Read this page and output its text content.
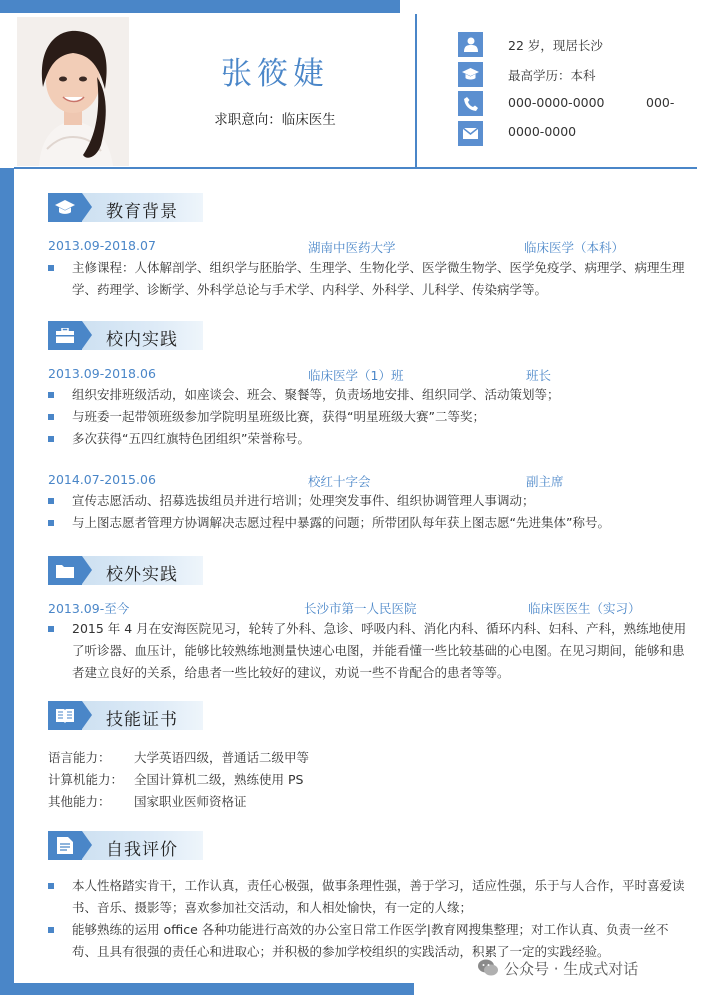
张筱婕
求职意向：临床医生
22 岁，现居长沙
最高学历：本科
000-0000-0000	000-
0000-0000
教育背景
2013.09-2018.07	湖南中医药大学	临床医学（本科）
主修课程：人体解剖学、组织学与胚胎学、生理学、生物化学、医学微生物学、医学免疫学、病理学、病理生理学、药理学、诊断学、外科学总论与手术学、内科学、外科学、儿科学、传染病学等。
校内实践
2013.09-2018.06	临床医学（1）班	班长
组织安排班级活动，如座谈会、班会、聚餐等，负责场地安排、组织同学、活动策划等；
与班委一起带领班级参加学院明星班级比赛，获得“明星班级大赛”二等奖；
多次获得“五四红旗特色团组织”荣誉称号。
2014.07-2015.06	校红十字会	副主席
宣传志愿活动、招募选拔组员并进行培训；处理突发事件、组织协调管理人事调动；
与上图志愿者管理方协调解决志愿过程中暴露的问题；所带团队每年获上图志愿“先进集体”称号。
校外实践
2013.09-至今	长沙市第一人民医院	临床医医生（实习）
2015 年 4 月在安海医院见习，轮转了外科、急诊、呼吸内科、消化内科、循环内科、妇科、产科，熟练地使用了听诊器、血压计，能够比较熟练地测量快速心电图，并能看懂一些比较基础的心电图。在见习期间，能够和患者建立良好的关系，给患者一些比较好的建议，劝说一些不肯配合的患者等等。
技能证书
语言能力： 大学英语四级，普通话二级甲等
计算机能力： 全国计算机二级，熟练使用 PS
其他能力： 国家职业医师资格证
自我评价
本人性格踏实肯干，工作认真，责任心极强，做事条理性强，善于学习，适应性强，乐于与人合作，平时喜爱读书、音乐、摄影等；喜欢参加社交活动，和人相处愉快，有一定的人缘；
能够熟练的运用 office 各种功能进行高效的办公室日常工作医学|教育网搜集整理；对工作认真、负责一丝不苟、且具有很强的责任心和进取心；并积极的参加学校组织的实践活动，积累了一定的实践经验。
公众号 · 生成式对话
